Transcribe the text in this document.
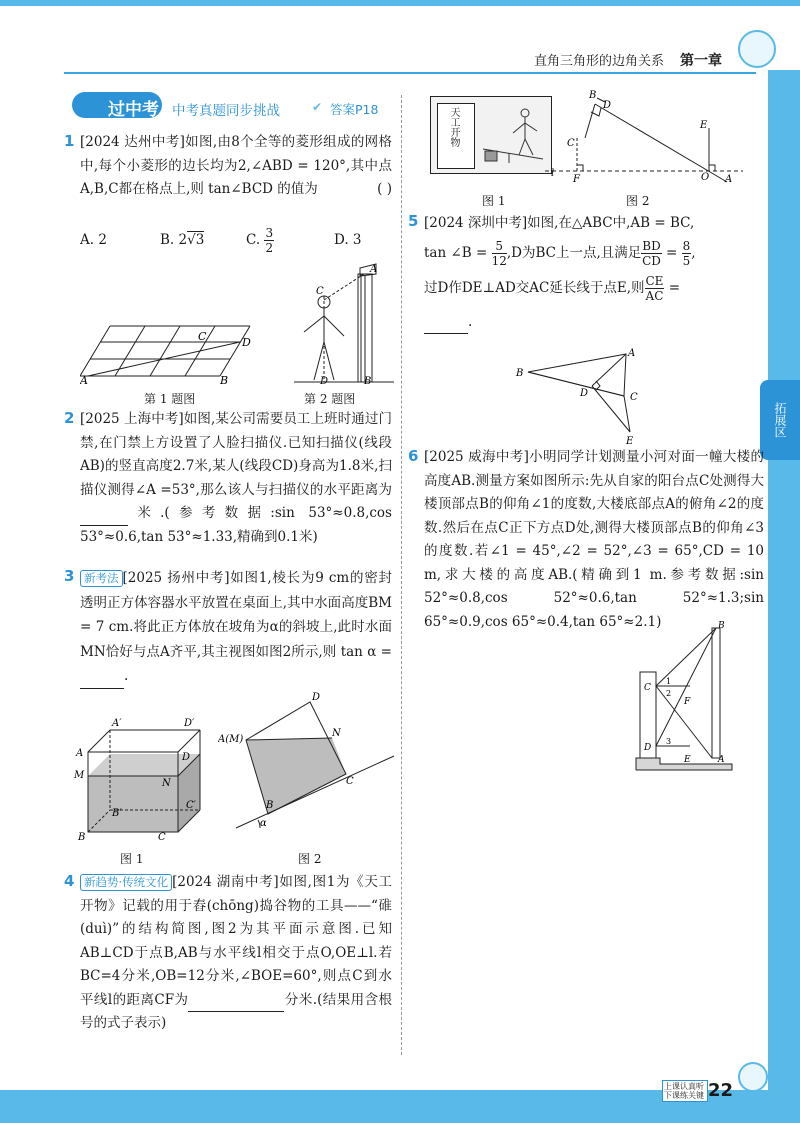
直角三角形的边角关系 第一章
拓展区
上课认真听
下课练关键 22
过中考 中考真题同步挑战	✔ 答案P18
1 [2024 达州中考]如图,由8个全等的菱形组成的网格中,每个小菱形的边长均为2,∠ABD = 120°,其中点A,B,C都在格点上,则 tan∠BCD 的值为	( )
A. 2	B. 2√3	C. $\frac{3}{2}$	D. 3
A	B
C	D
第 1 题图
A
C
D	B
第 2 题图
2 [2025 上海中考]如图,某公司需要员工上班时通过门禁,在门禁上方设置了人脸扫描仪.已知扫描仪(线段AB)的竖直高度2.7米,某人(线段CD)身高为1.8米,扫描仪测得∠A =53°,那么该人与扫描仪的水平距离为米.(参考数据:sin 53°≈0.8,cos 53°≈0.6,tan 53°≈1.33,精确到0.1米)
3 新考法 [2025 扬州中考]如图1,棱长为9 cm的密封透明正方体容器水平放置在桌面上,其中水面高度BM = 7 cm.将此正方体放在坡角为α的斜坡上,此时水面MN恰好与点A齐平,其主视图如图2所示,则 tan α =.
A′	D′
A	D
M
N
B′
C′
B	C
图 1
A(M)
D
N
C
B
α
图 2
4 新趋势·传统文化 [2024 湖南中考]如图,图1为《天工开物》记载的用于舂(chōng)捣谷物的工具——“碓(duì)”的结构简图,图2为其平面示意图.已知AB⊥CD于点B,AB与水平线l相交于点O,OE⊥l.若BC=4分米,OB=12分米,∠BOE=60°,则点C到水平线l的距离CF为	分米.(结果用含根号的式子表示)
天工开物
图 1
B
D
C
F
l
E
O A
图 2
5 [2024 深圳中考]如图,在△ABC中,AB = BC,
tan ∠B = $\frac{5}{12} ,D$为BC上一点,且满足 $\frac{BD}{CD} = \frac{8}{5}$ ,
过D作DE⊥AD交AC延长线于点E,则 $\frac{CE}{AC}$ =
.
B
A
D	C
E
6 [2025 威海中考]小明同学计划测量小河对面一幢大楼的高度AB.测量方案如图所示:先从自家的阳台点C处测得大楼顶部点B的仰角∠1的度数,大楼底部点A的俯角∠2的度数.然后在点C正下方点D处,测得大楼顶部点B的仰角∠3的度数.若∠1 = 45°,∠2 = 52°,∠3 = 65°,CD = 10 m,求大楼的高度AB.(精确到1 m.参考数据:sin 52°≈0.8,cos 52°≈0.6,tan 52°≈1.3;sin 65°≈0.9,cos 65°≈0.4,tan 65°≈2.1)	B
C
1
2
F
D
3
E	A
